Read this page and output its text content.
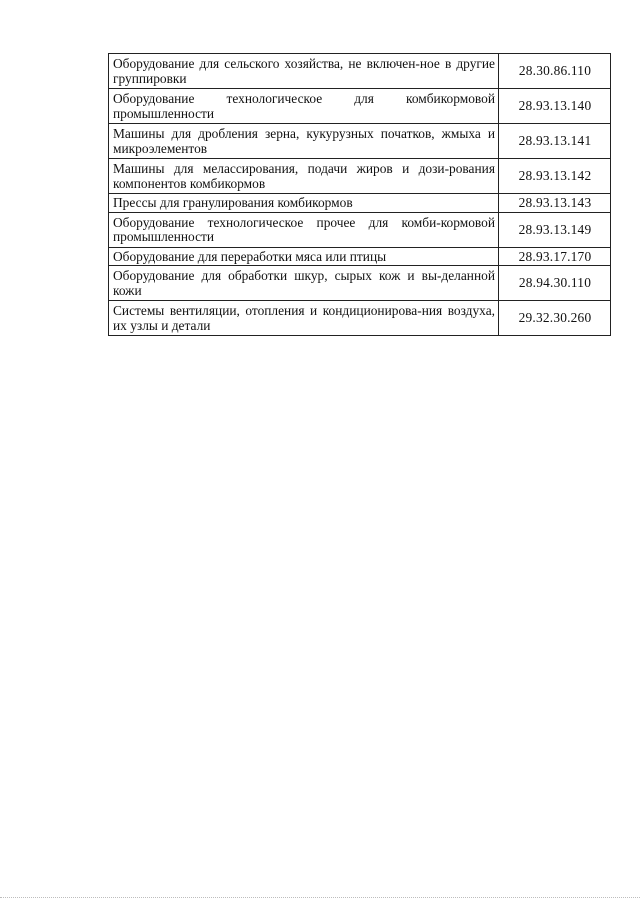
Оборудование для сельского хозяйства, не включен-ное в другие группировки	28.30.86.110
Оборудование технологическое для комбикормовой промышленности	28.93.13.140
Машины для дробления зерна, кукурузных початков, жмыха и микроэлементов	28.93.13.141
Машины для мелассирования, подачи жиров и дози-рования компонентов комбикормов	28.93.13.142
Прессы для гранулирования комбикормов	28.93.13.143
Оборудование технологическое прочее для комби-кормовой промышленности	28.93.13.149
Оборудование для переработки мяса или птицы	28.93.17.170
Оборудование для обработки шкур, сырых кож и вы-деланной кожи	28.94.30.110
Системы вентиляции, отопления и кондиционирова-ния воздуха, их узлы и детали	29.32.30.260
